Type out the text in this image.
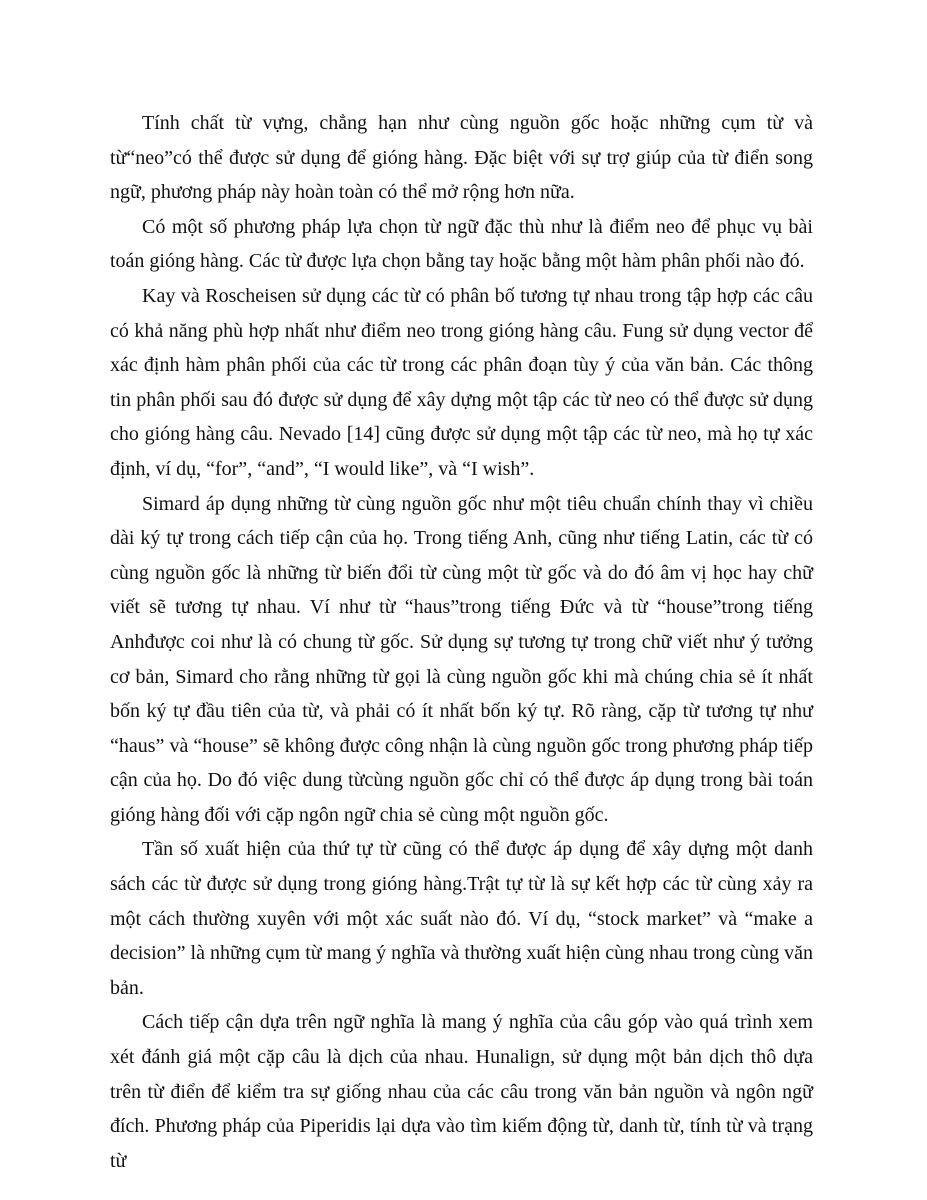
Tính chất từ vựng, chẳng hạn như cùng nguồn gốc hoặc những cụm từ và từ“neo”có thể được sử dụng để gióng hàng. Đặc biệt với sự trợ giúp của từ điển song ngữ, phương pháp này hoàn toàn có thể mở rộng hơn nữa.

Có một số phương pháp lựa chọn từ ngữ đặc thù như là điểm neo để phục vụ bài toán gióng hàng. Các từ được lựa chọn bằng tay hoặc bằng một hàm phân phối nào đó.

Kay và Roscheisen sử dụng các từ có phân bố tương tự nhau trong tập hợp các câu có khả năng phù hợp nhất như điểm neo trong gióng hàng câu. Fung sử dụng vector để xác định hàm phân phối của các từ trong các phân đoạn tùy ý của văn bản. Các thông tin phân phối sau đó được sử dụng để xây dựng một tập các từ neo có thể được sử dụng cho gióng hàng câu. Nevado [14] cũng được sử dụng một tập các từ neo, mà họ tự xác định, ví dụ, “for”, “and”, “I would like”, và “I wish”.

Simard áp dụng những từ cùng nguồn gốc như một tiêu chuẩn chính thay vì chiều dài ký tự trong cách tiếp cận của họ. Trong tiếng Anh, cũng như tiếng Latin, các từ có cùng nguồn gốc là những từ biến đổi từ cùng một từ gốc và do đó âm vị học hay chữ viết sẽ tương tự nhau. Ví như từ “haus”trong tiếng Đức và từ “house”trong tiếng Anhđược coi như là có chung từ gốc. Sử dụng sự tương tự trong chữ viết như ý tưởng cơ bản, Simard cho rằng những từ gọi là cùng nguồn gốc khi mà chúng chia sẻ ít nhất bốn ký tự đầu tiên của từ, và phải có ít nhất bốn ký tự. Rõ ràng, cặp từ tương tự như “haus” và “house” sẽ không được công nhận là cùng nguồn gốc trong phương pháp tiếp cận của họ. Do đó việc dung từcùng nguồn gốc chỉ có thể được áp dụng trong bài toán gióng hàng đối với cặp ngôn ngữ chia sẻ cùng một nguồn gốc.

Tần số xuất hiện của thứ tự từ cũng có thể được áp dụng để xây dựng một danh sách các từ được sử dụng trong gióng hàng.Trật tự từ là sự kết hợp các từ cùng xảy ra một cách thường xuyên với một xác suất nào đó. Ví dụ, “stock market” và “make a decision” là những cụm từ mang ý nghĩa và thường xuất hiện cùng nhau trong cùng văn bản.

Cách tiếp cận dựa trên ngữ nghĩa là mang ý nghĩa của câu góp vào quá trình xem xét đánh giá một cặp câu là dịch của nhau. Hunalign, sử dụng một bản dịch thô dựa trên từ điển để kiểm tra sự giống nhau của các câu trong văn bản nguồn và ngôn ngữ đích. Phương pháp của Piperidis lại dựa vào tìm kiếm động từ, danh từ, tính từ và trạng từ
